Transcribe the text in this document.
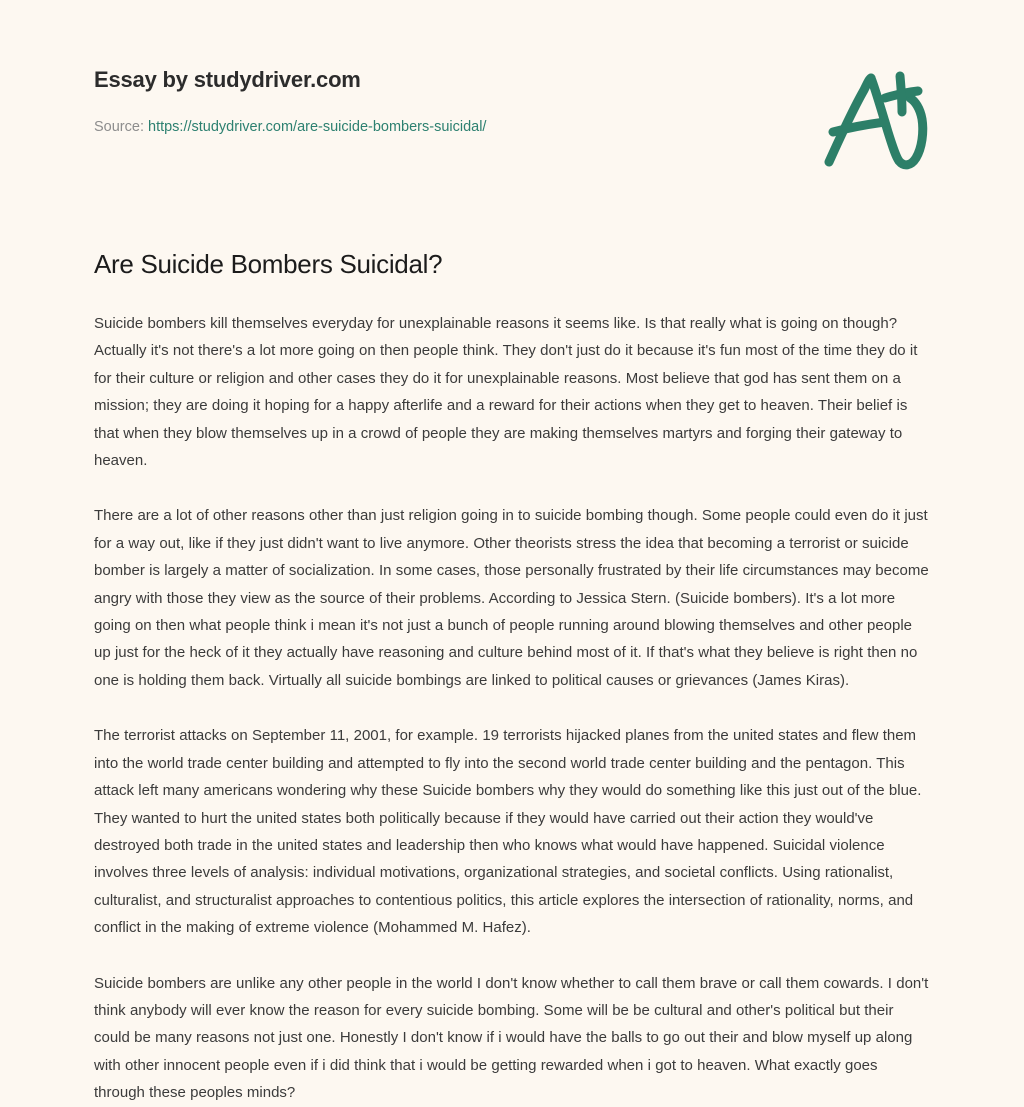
Essay by studydriver.com
Source: https://studydriver.com/are-suicide-bombers-suicidal/
Are Suicide Bombers Suicidal?

Suicide bombers kill themselves everyday for unexplainable reasons it seems like. Is that really what is going on though? Actually it's not there's a lot more going on then people think. They don't just do it because it's fun most of the time they do it for their culture or religion and other cases they do it for unexplainable reasons. Most believe that god has sent them on a mission; they are doing it hoping for a happy afterlife and a reward for their actions when they get to heaven. Their belief is that when they blow themselves up in a crowd of people they are making themselves martyrs and forging their gateway to heaven.

There are a lot of other reasons other than just religion going in to suicide bombing though. Some people could even do it just for a way out, like if they just didn't want to live anymore. Other theorists stress the idea that becoming a terrorist or suicide bomber is largely a matter of socialization. In some cases, those personally frustrated by their life circumstances may become angry with those they view as the source of their problems. According to Jessica Stern. (Suicide bombers). It's a lot more going on then what people think i mean it's not just a bunch of people running around blowing themselves and other people up just for the heck of it they actually have reasoning and culture behind most of it. If that's what they believe is right then no one is holding them back. Virtually all suicide bombings are linked to political causes or grievances (James Kiras).

The terrorist attacks on September 11, 2001, for example. 19 terrorists hijacked planes from the united states and flew them into the world trade center building and attempted to fly into the second world trade center building and the pentagon. This attack left many americans wondering why these Suicide bombers why they would do something like this just out of the blue. They wanted to hurt the united states both politically because if they would have carried out their action they would've destroyed both trade in the united states and leadership then who knows what would have happened. Suicidal violence involves three levels of analysis: individual motivations, organizational strategies, and societal conflicts. Using rationalist, culturalist, and structuralist approaches to contentious politics, this article explores the intersection of rationality, norms, and conflict in the making of extreme violence (Mohammed M. Hafez).

Suicide bombers are unlike any other people in the world I don't know whether to call them brave or call them cowards. I don't think anybody will ever know the reason for every suicide bombing. Some will be be cultural and other's political but their could be many reasons not just one. Honestly I don't know if i would have the balls to go out their and blow myself up along with other innocent people even if i did think that i would be getting rewarded when i got to heaven. What exactly goes through these peoples minds?
